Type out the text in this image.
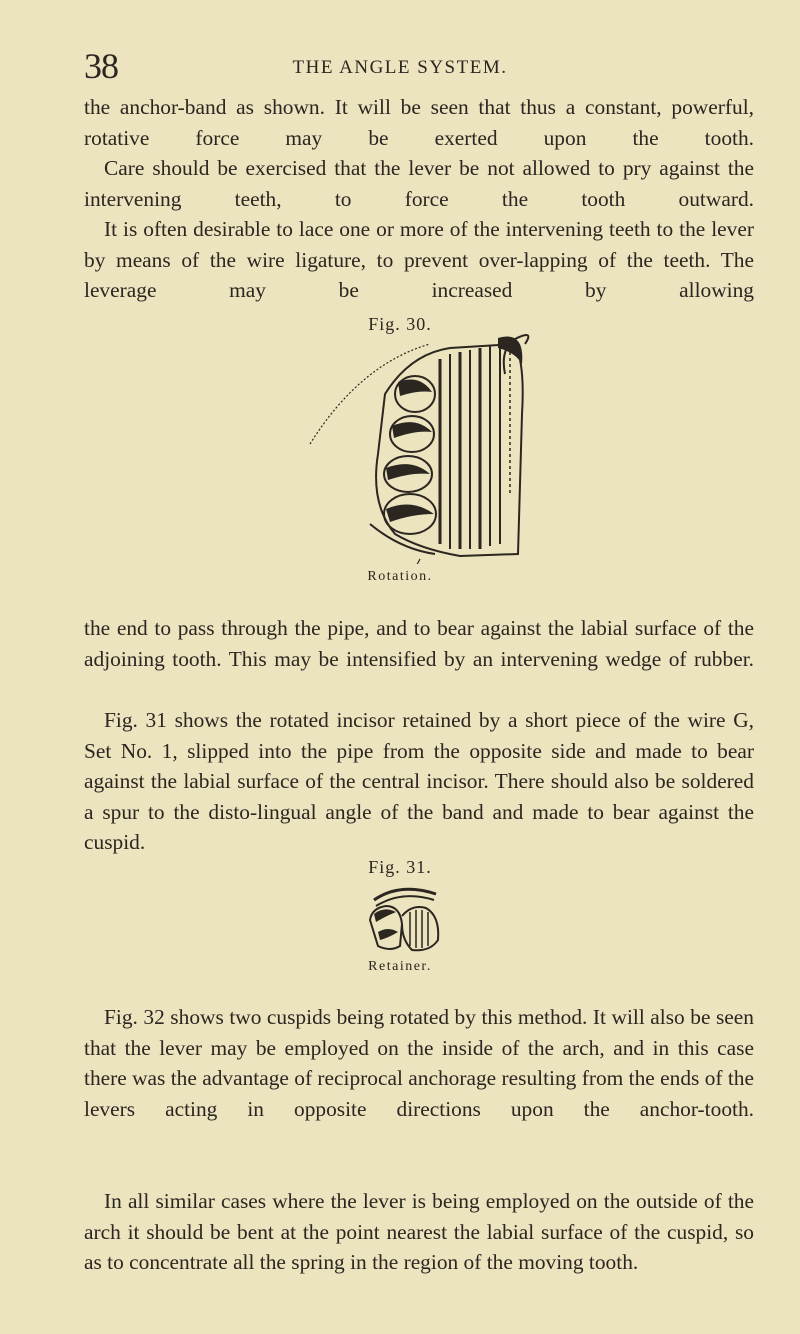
38	THE ANGLE SYSTEM.

the anchor-band as shown. It will be seen that thus a constant, powerful, rotative force may be exerted upon the tooth.

Care should be exercised that the lever be not allowed to pry against the intervening teeth, to force the tooth outward.

It is often desirable to lace one or more of the intervening teeth to the lever by means of the wire ligature, to prevent over-lapping of the teeth. The leverage may be increased by allowing

Fig. 30.
Rotation.

the end to pass through the pipe, and to bear against the labial surface of the adjoining tooth. This may be intensified by an intervening wedge of rubber.

Fig. 31 shows the rotated incisor retained by a short piece of the wire G, Set No. 1, slipped into the pipe from the opposite side and made to bear against the labial surface of the central incisor. There should also be soldered a spur to the disto-lingual angle of the band and made to bear against the cuspid.

Fig. 31.
Retainer.

Fig. 32 shows two cuspids being rotated by this method. It will also be seen that the lever may be employed on the inside of the arch, and in this case there was the advantage of reciprocal anchorage resulting from the ends of the levers acting in opposite directions upon the anchor-tooth.

In all similar cases where the lever is being employed on the outside of the arch it should be bent at the point nearest the labial surface of the cuspid, so as to concentrate all the spring in the region of the moving tooth.
